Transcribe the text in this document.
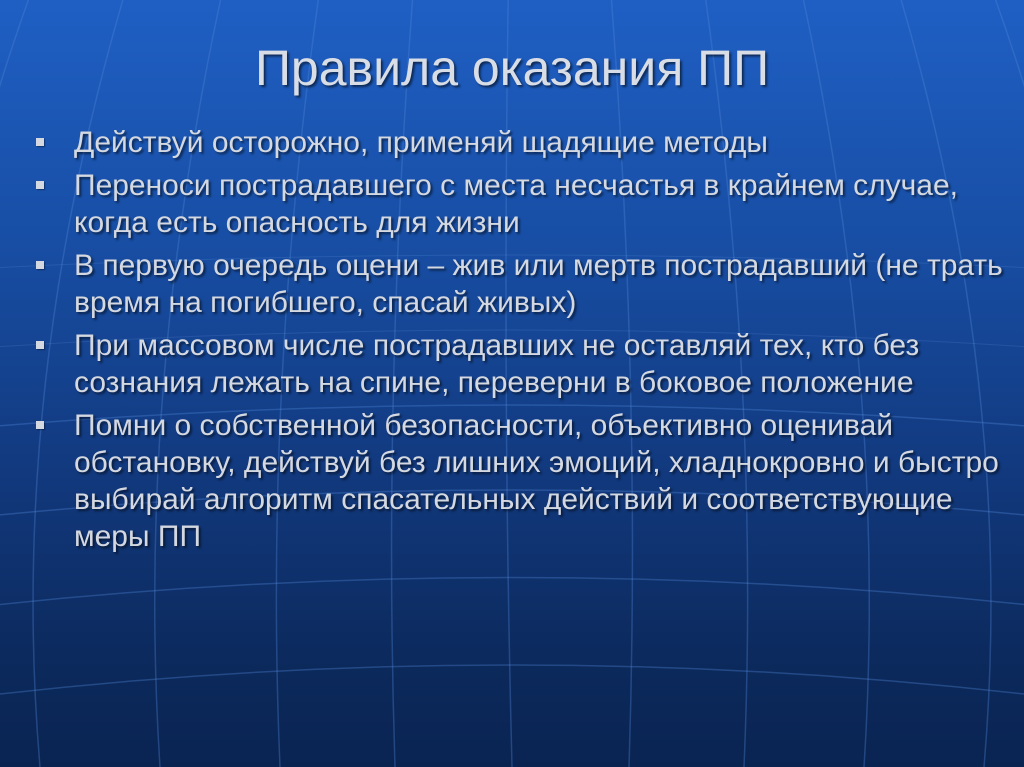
Правила оказания ПП
Действуй осторожно, применяй щадящие методы
Переноси пострадавшего с места несчастья в крайнем случае, когда есть опасность для жизни
В первую очередь оцени – жив или мертв пострадавший (не трать время на погибшего, спасай живых)
При массовом числе пострадавших не оставляй тех, кто без сознания лежать на спине, переверни в боковое положение
Помни о собственной безопасности, объективно оценивай обстановку, действуй без лишних эмоций, хладнокровно и быстро выбирай алгоритм спасательных действий и соответствующие меры ПП
